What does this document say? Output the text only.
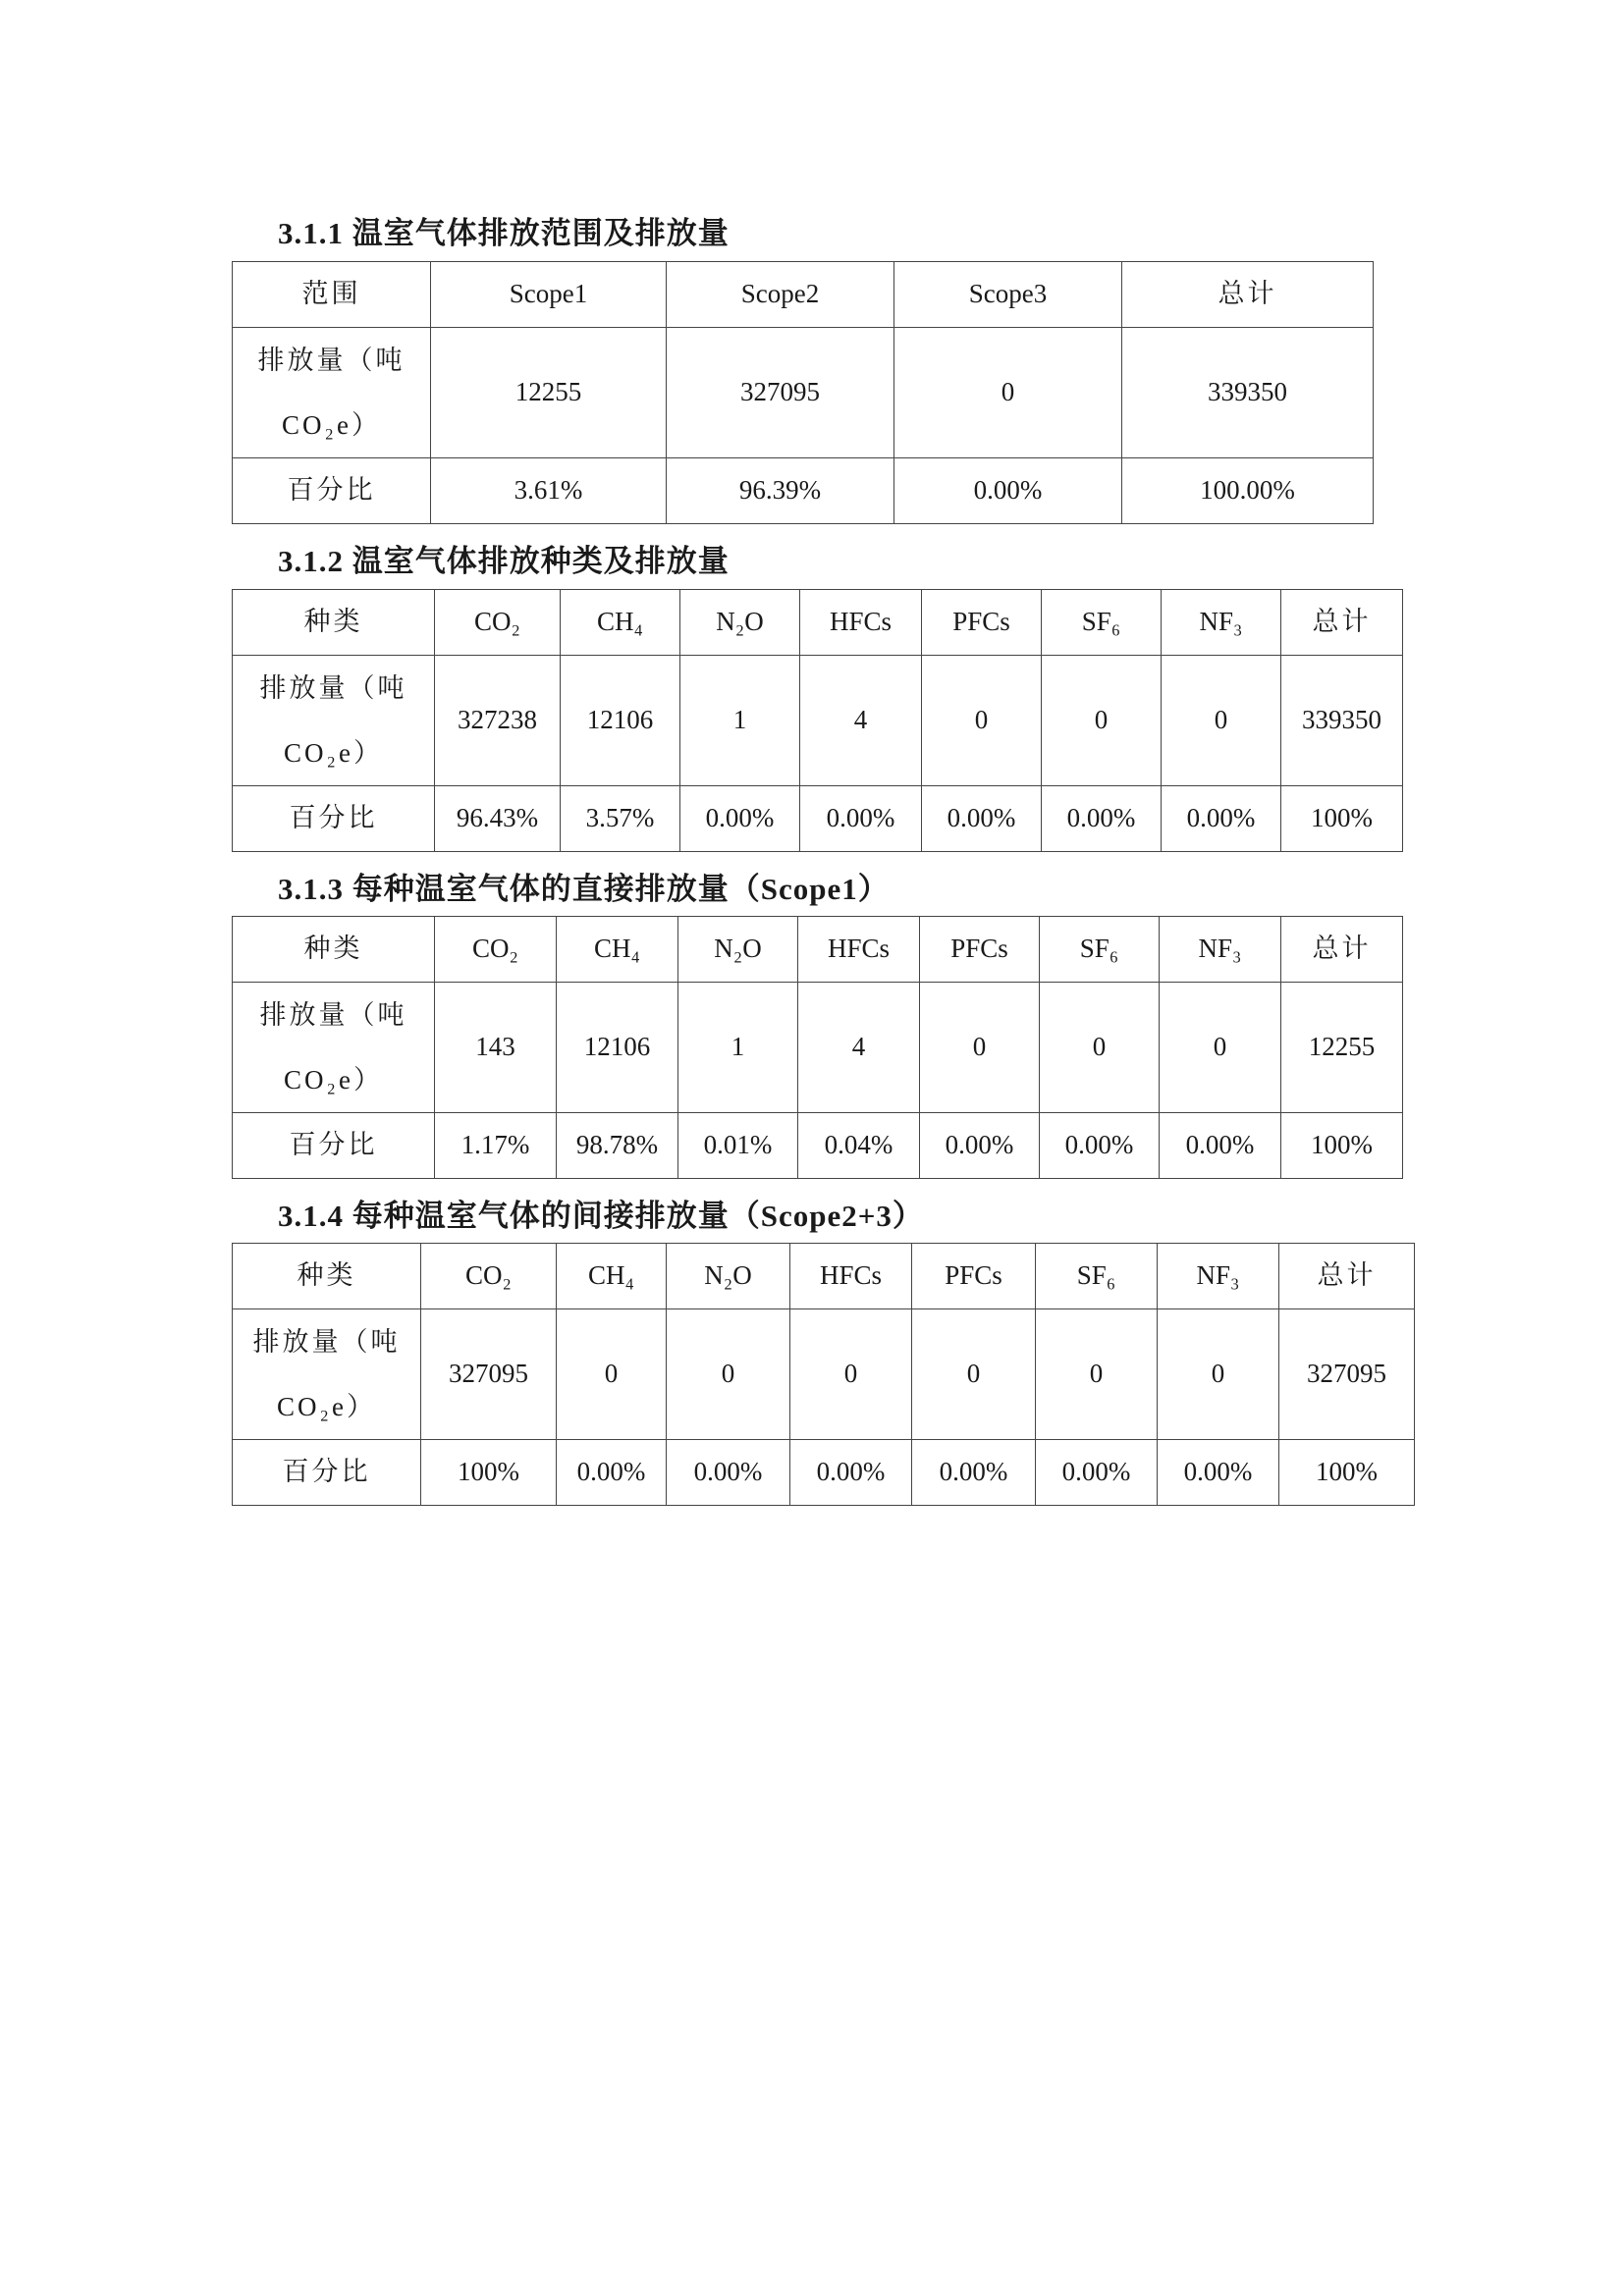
3.1.1 温室气体排放范围及排放量
范围	Scope1	Scope2	Scope3	总计

排放量（吨
CO₂e）	12255	327095	0	339350
百分比	3.61%	96.39%	0.00%	100.00%
3.1.2 温室气体排放种类及排放量
种类	CO₂	CH₄	N₂O	HFCs	PFCs	SF₆	NF₃	总计

排放量（吨
CO₂e）	327238	12106	1	4	0	0	0	339350
百分比	96.43%	3.57%	0.00%	0.00%	0.00%	0.00%	0.00%	100%
3.1.3 每种温室气体的直接排放量（Scope1）
种类	CO₂	CH₄	N₂O	HFCs	PFCs	SF₆	NF₃	总计

排放量（吨
CO₂e）	143	12106	1	4	0	0	0	12255
百分比	1.17%	98.78%	0.01%	0.04%	0.00%	0.00%	0.00%	100%
3.1.4 每种温室气体的间接排放量（Scope2+3）
种类	CO₂	CH₄	N₂O	HFCs	PFCs	SF₆	NF₃	总计

排放量（吨
CO₂e）	327095	0	0	0	0	0	0	327095
百分比	100%	0.00%	0.00%	0.00%	0.00%	0.00%	0.00%	100%
